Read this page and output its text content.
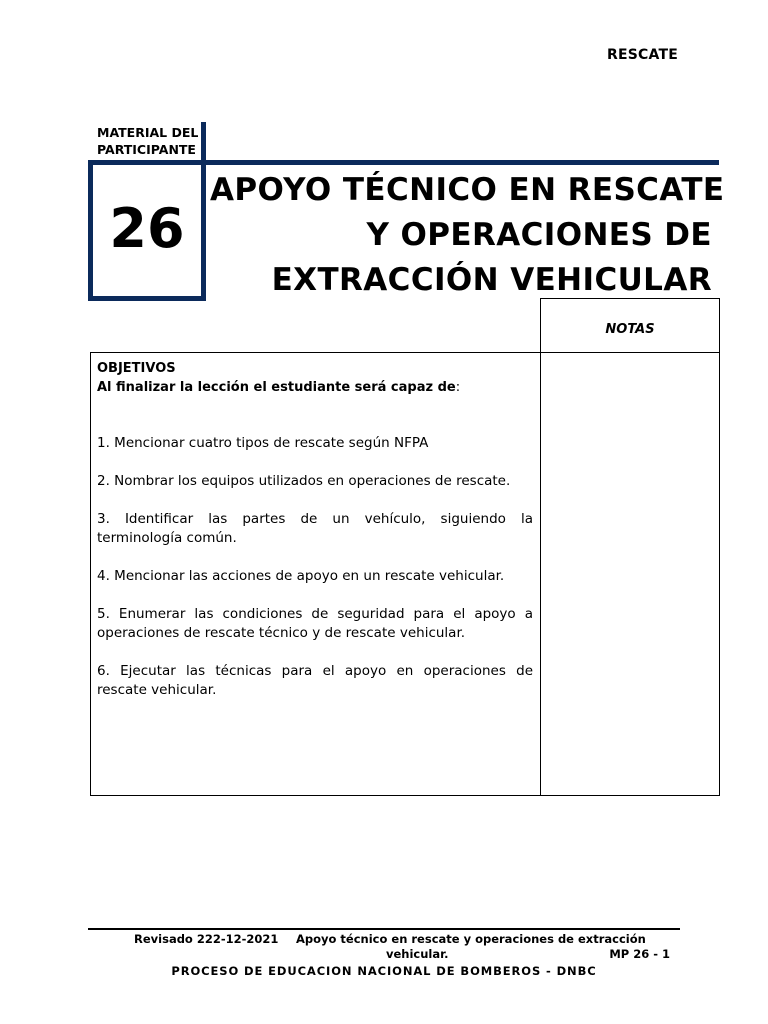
RESCATE
MATERIAL DEL
PARTICIPANTE
26
APOYO TÉCNICO EN RESCATE
Y OPERACIONES DE
EXTRACCIÓN VEHICULAR
NOTAS
OBJETIVOS
Al finalizar la lección el estudiante será capaz de:
1. Mencionar cuatro tipos de rescate según NFPA
2. Nombrar los equipos utilizados en operaciones de rescate.
3. Identificar las partes de un vehículo, siguiendo la terminología común.
4. Mencionar las acciones de apoyo en un rescate vehicular.
5. Enumerar las condiciones de seguridad para el apoyo a operaciones de rescate técnico y de rescate vehicular.
6. Ejecutar las técnicas para el apoyo en operaciones de rescate vehicular.
Revisado 222-12-2021 Apoyo técnico en rescate y operaciones de extracción
vehicular.	MP 26 - 1
PROCESO DE EDUCACION NACIONAL DE BOMBEROS - DNBC
